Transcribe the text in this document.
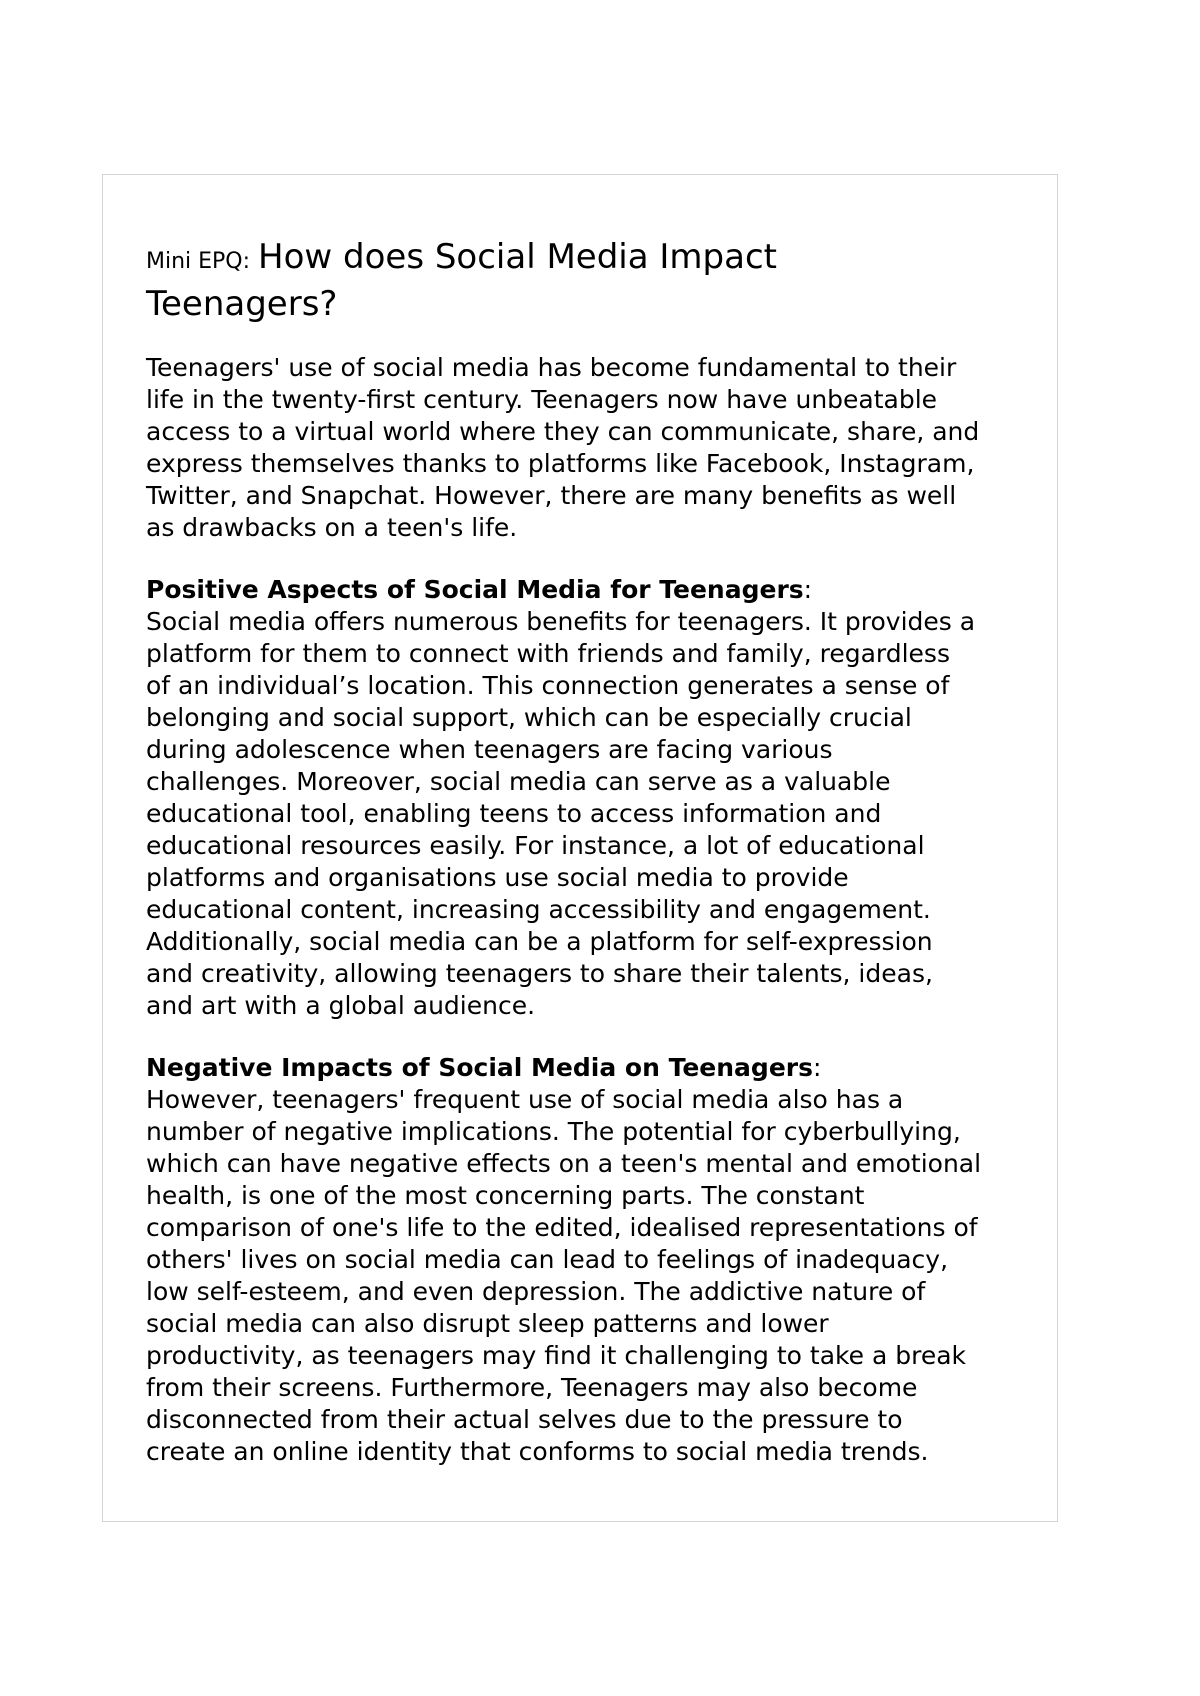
Mini EPQ: How does Social Media Impact
Teenagers?

Teenagers' use of social media has become fundamental to their
life in the twenty-first century. Teenagers now have unbeatable
access to a virtual world where they can communicate, share, and
express themselves thanks to platforms like Facebook, Instagram,
Twitter, and Snapchat. However, there are many benefits as well
as drawbacks on a teen's life.

Positive Aspects of Social Media for Teenagers:

Social media offers numerous benefits for teenagers. It provides a
platform for them to connect with friends and family, regardless
of an individual’s location. This connection generates a sense of
belonging and social support, which can be especially crucial
during adolescence when teenagers are facing various
challenges. Moreover, social media can serve as a valuable
educational tool, enabling teens to access information and
educational resources easily. For instance, a lot of educational
platforms and organisations use social media to provide
educational content, increasing accessibility and engagement.
Additionally, social media can be a platform for self-expression
and creativity, allowing teenagers to share their talents, ideas,
and art with a global audience.

Negative Impacts of Social Media on Teenagers:

However, teenagers' frequent use of social media also has a
number of negative implications. The potential for cyberbullying,
which can have negative effects on a teen's mental and emotional
health, is one of the most concerning parts. The constant
comparison of one's life to the edited, idealised representations of
others' lives on social media can lead to feelings of inadequacy,
low self-esteem, and even depression. The addictive nature of
social media can also disrupt sleep patterns and lower
productivity, as teenagers may find it challenging to take a break
from their screens. Furthermore, Teenagers may also become
disconnected from their actual selves due to the pressure to
create an online identity that conforms to social media trends.
